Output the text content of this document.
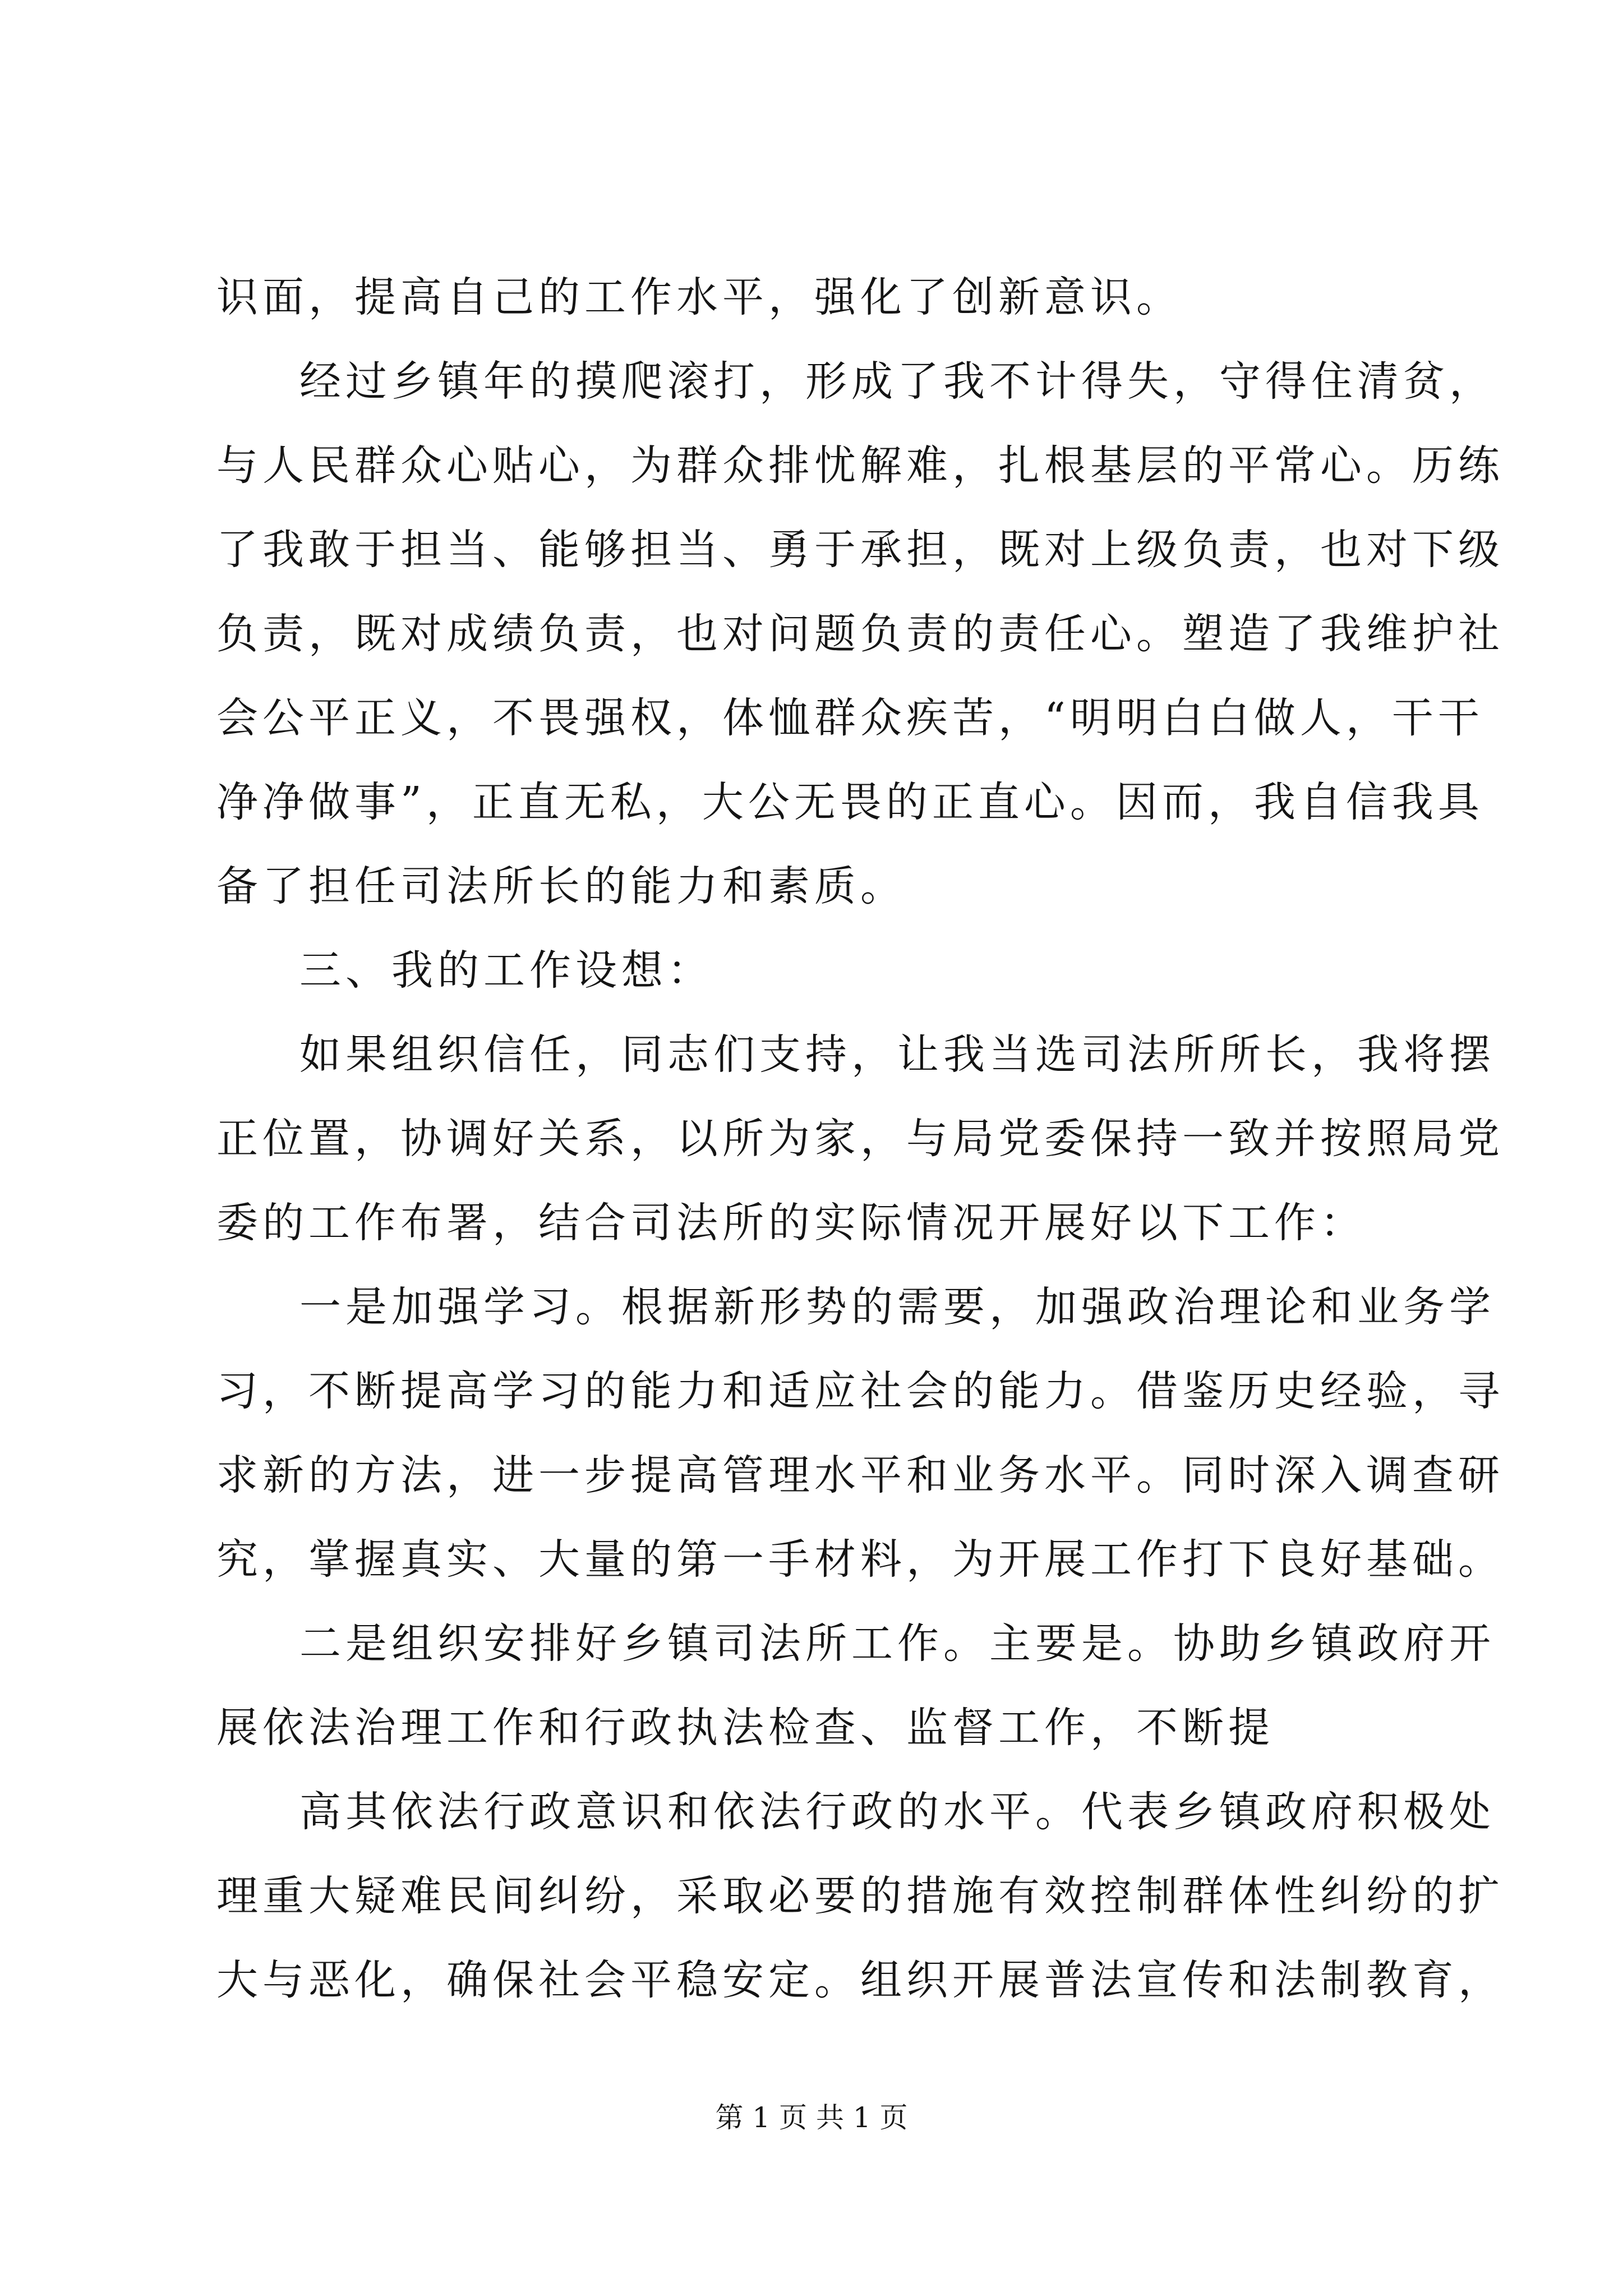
识面，提高自己的工作水平，强化了创新意识。
经过乡镇年的摸爬滚打，形成了我不计得失，守得住清贫，
与人民群众心贴心，为群众排忧解难，扎根基层的平常心。历练
了我敢于担当、能够担当、勇于承担，既对上级负责，也对下级
负责，既对成绩负责，也对问题负责的责任心。塑造了我维护社
会公平正义，不畏强权，体恤群众疾苦，“明明白白做人，干干
净净做事”，正直无私，大公无畏的正直心。因而，我自信我具
备了担任司法所长的能力和素质。
三、我的工作设想：
如果组织信任，同志们支持，让我当选司法所所长，我将摆
正位置，协调好关系，以所为家，与局党委保持一致并按照局党
委的工作布署，结合司法所的实际情况开展好以下工作：
一是加强学习。根据新形势的需要，加强政治理论和业务学
习，不断提高学习的能力和适应社会的能力。借鉴历史经验，寻
求新的方法，进一步提高管理水平和业务水平。同时深入调查研
究，掌握真实、大量的第一手材料，为开展工作打下良好基础。
二是组织安排好乡镇司法所工作。主要是。协助乡镇政府开
展依法治理工作和行政执法检查、监督工作，不断提
高其依法行政意识和依法行政的水平。代表乡镇政府积极处
理重大疑难民间纠纷，采取必要的措施有效控制群体性纠纷的扩
大与恶化，确保社会平稳安定。组织开展普法宣传和法制教育，
第 1 页 共 1 页
